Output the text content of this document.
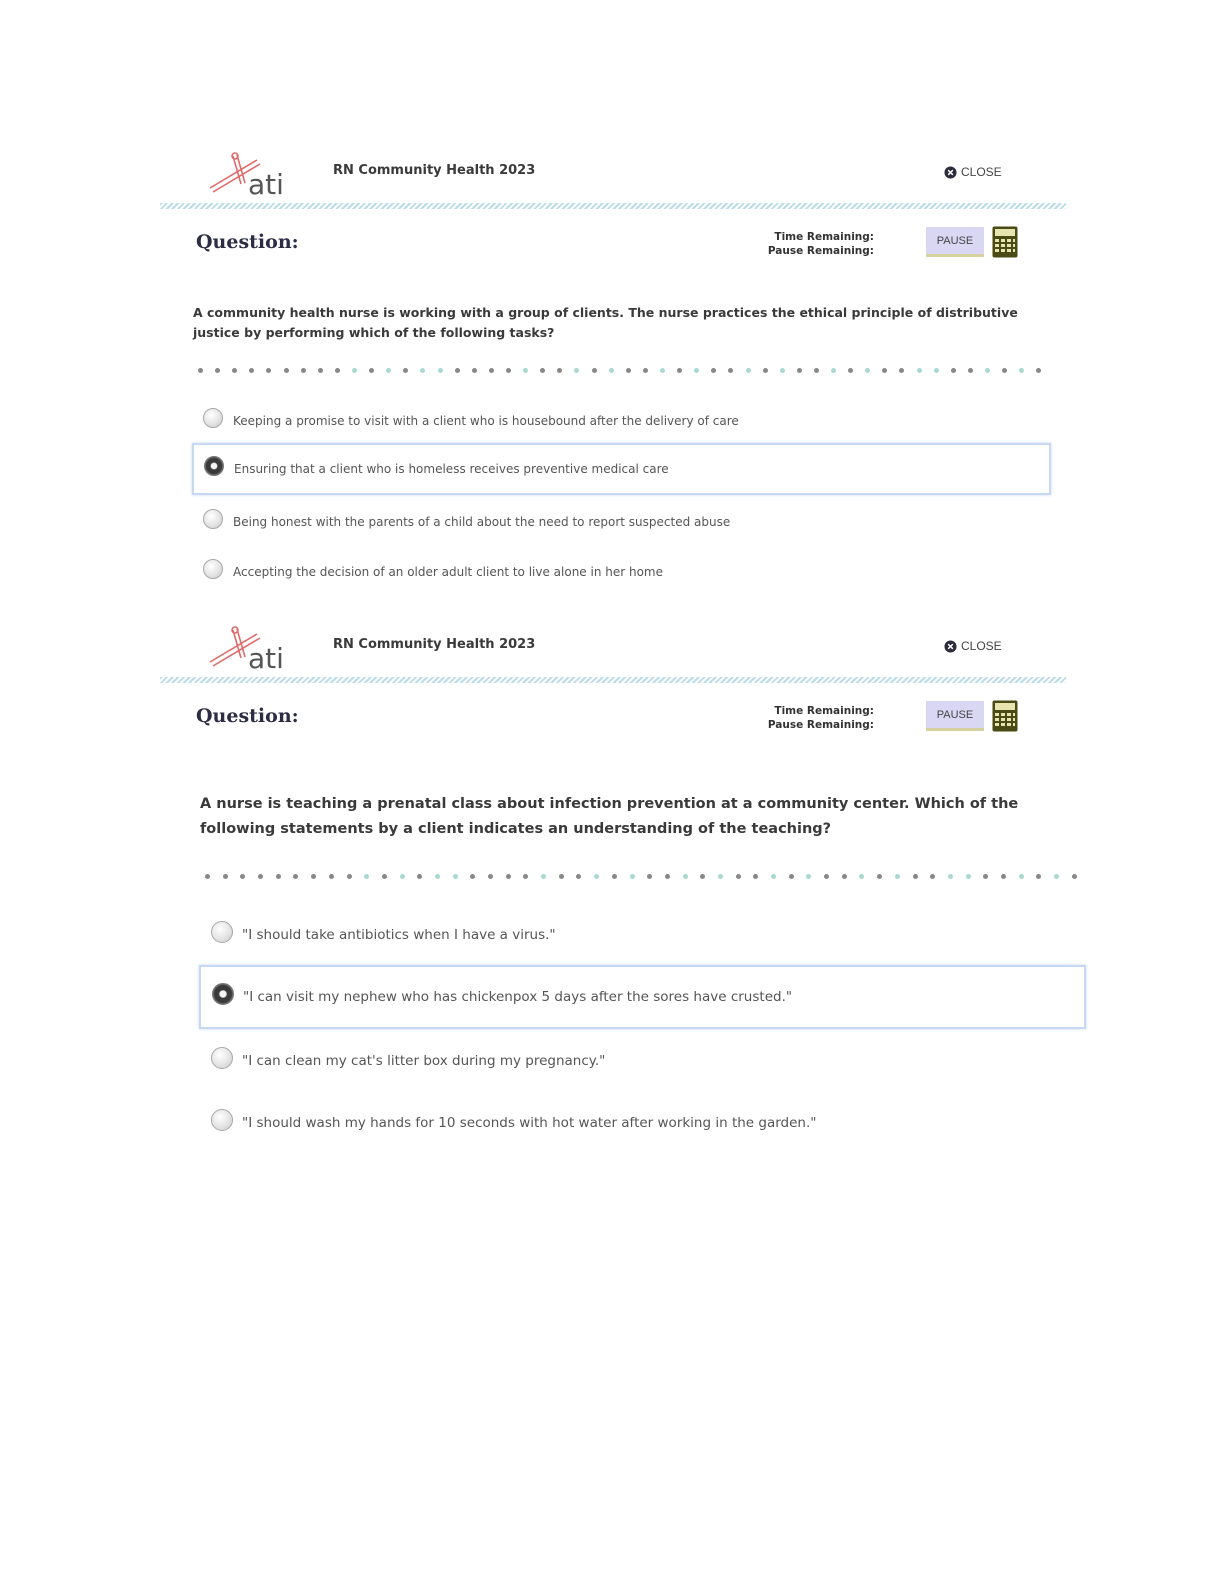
ati	RN Community Health 2023	CLOSE
Question:	Time Remaining:
Pause Remaining:
PAUSE
A community health nurse is working with a group of clients. The nurse practices the ethical principle of distributive justice by performing which of the following tasks?
Keeping a promise to visit with a client who is housebound after the delivery of care
Ensuring that a client who is homeless receives preventive medical care
Being honest with the parents of a child about the need to report suspected abuse
Accepting the decision of an older adult client to live alone in her home
ati	RN Community Health 2023	CLOSE
Question:	Time Remaining:
Pause Remaining:
PAUSE
A nurse is teaching a prenatal class about infection prevention at a community center. Which of the following statements by a client indicates an understanding of the teaching?
"I should take antibiotics when I have a virus."
"I can visit my nephew who has chickenpox 5 days after the sores have crusted."
"I can clean my cat's litter box during my pregnancy."
"I should wash my hands for 10 seconds with hot water after working in the garden."
